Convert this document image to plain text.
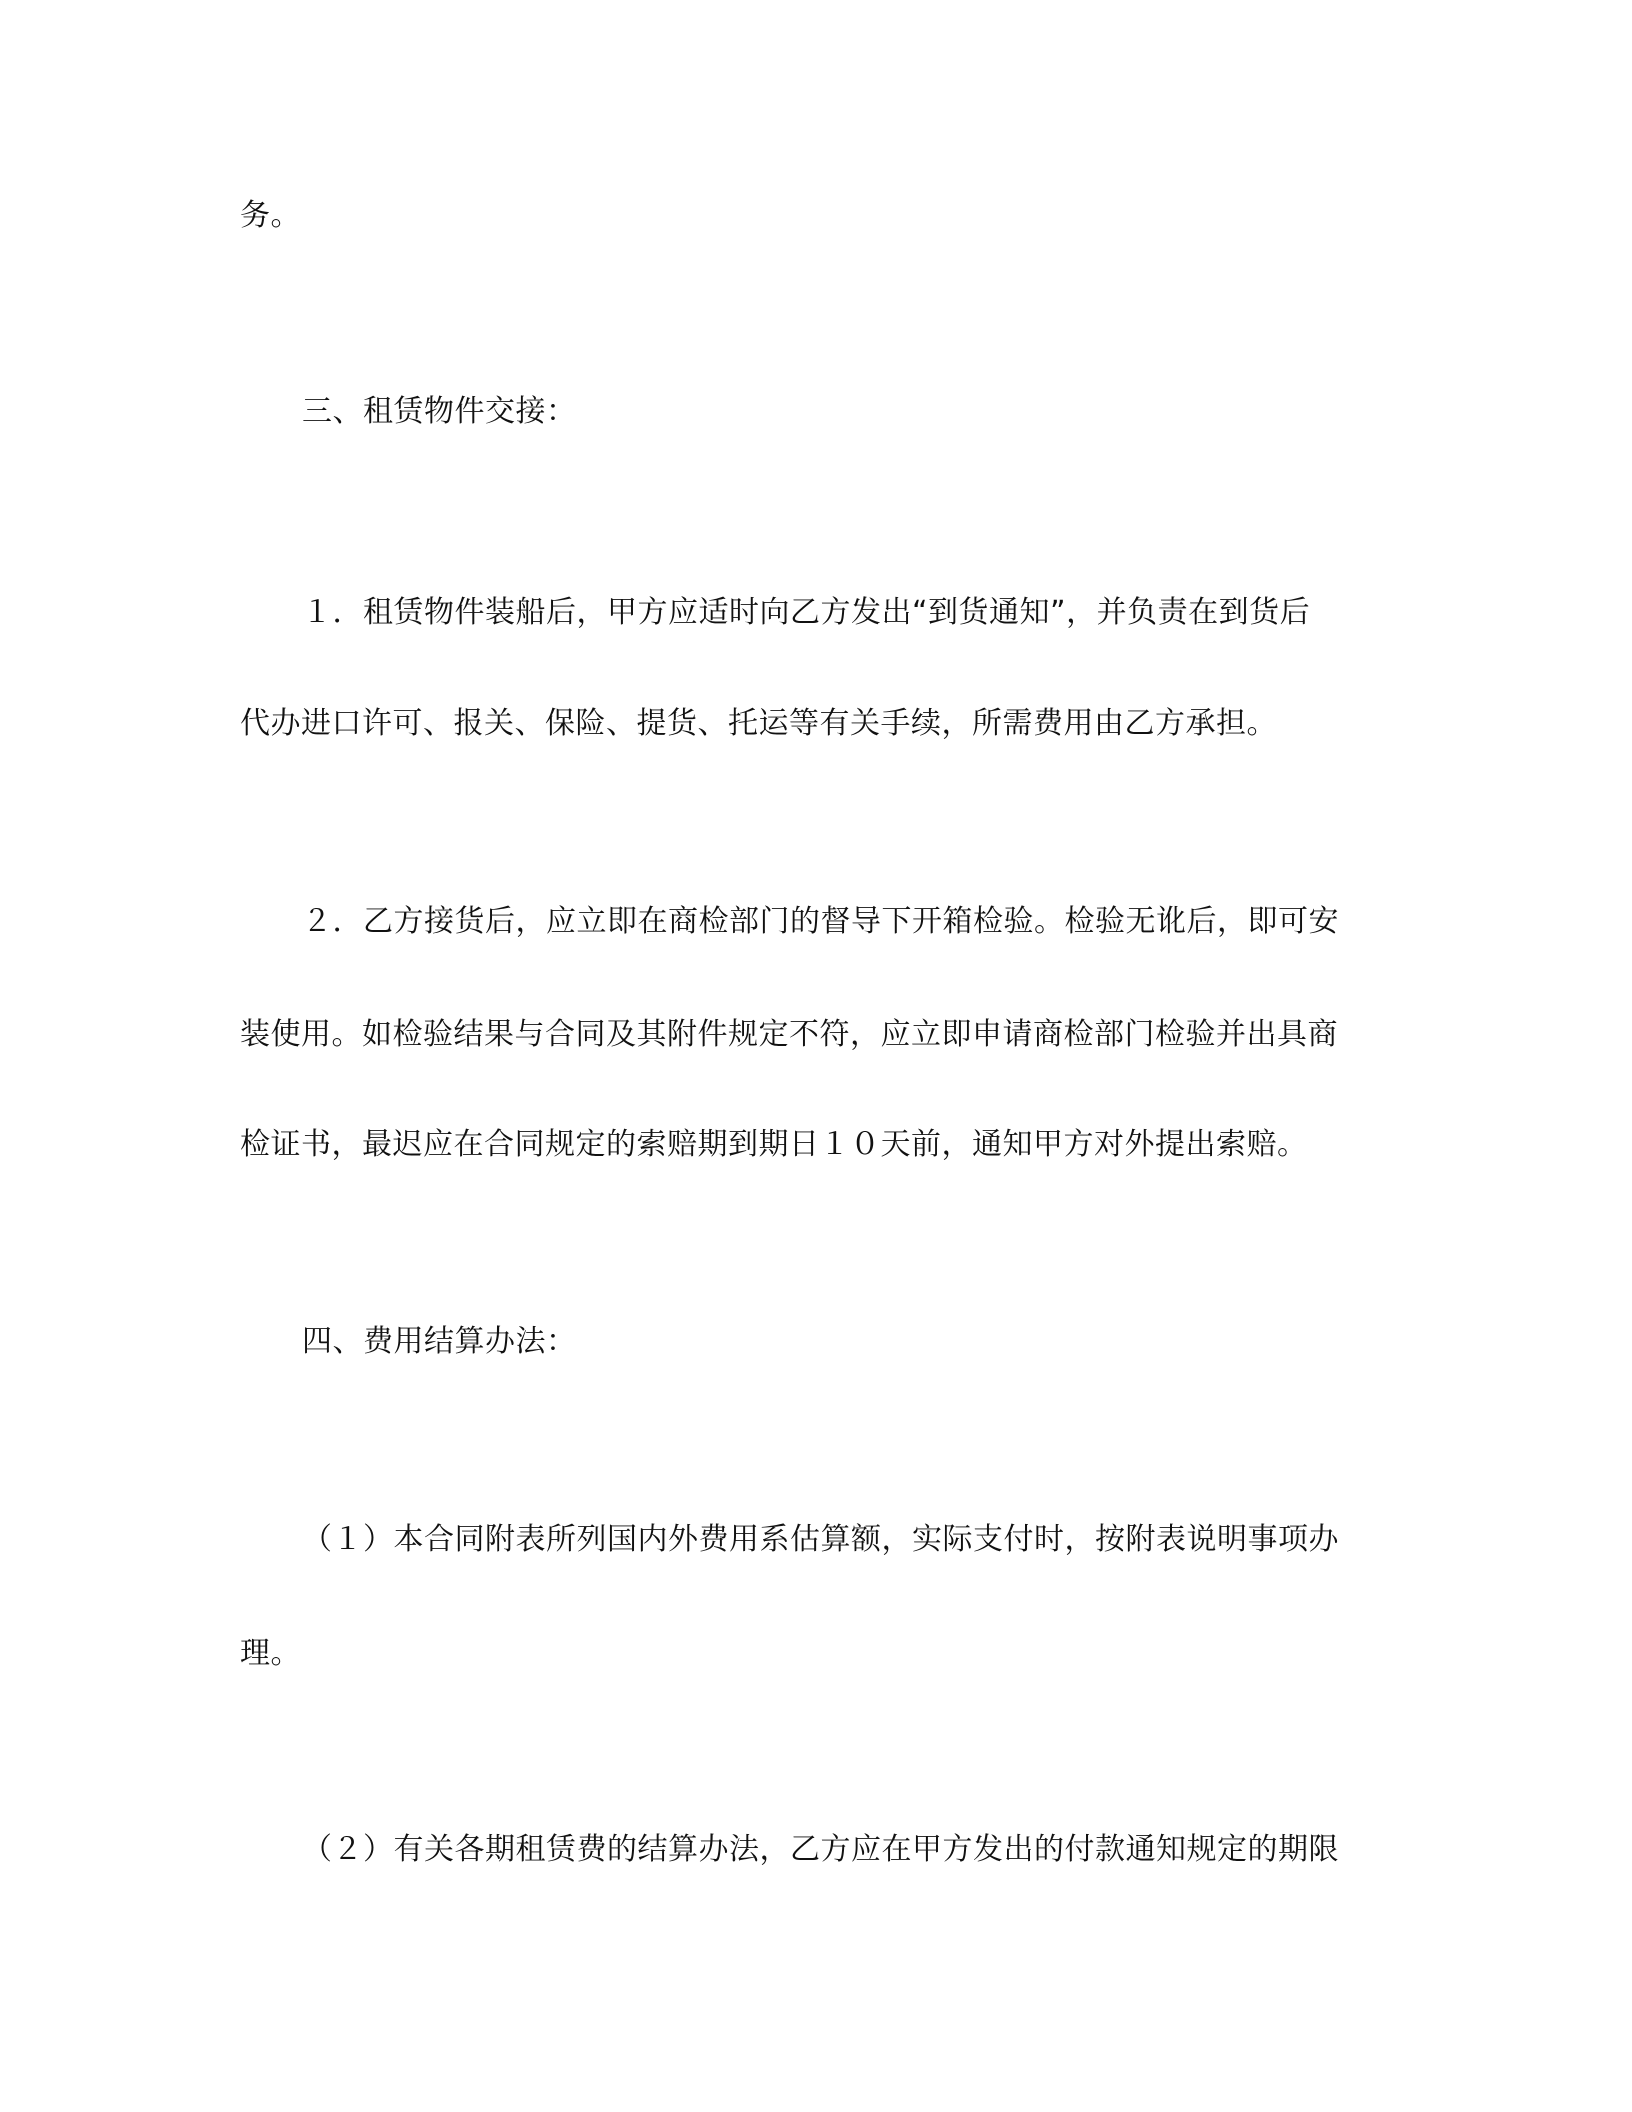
务。
三、租赁物件交接：
１．租赁物件装船后，甲方应适时向乙方发出“到货通知”，并负责在到货后
代办进口许可、报关、保险、提货、托运等有关手续，所需费用由乙方承担。
２．乙方接货后，应立即在商检部门的督导下开箱检验。检验无讹后，即可安
装使用。如检验结果与合同及其附件规定不符，应立即申请商检部门检验并出具商
检证书，最迟应在合同规定的索赔期到期日１０天前，通知甲方对外提出索赔。
四、费用结算办法：
（１）本合同附表所列国内外费用系估算额，实际支付时，按附表说明事项办
理。
（２）有关各期租赁费的结算办法，乙方应在甲方发出的付款通知规定的期限
